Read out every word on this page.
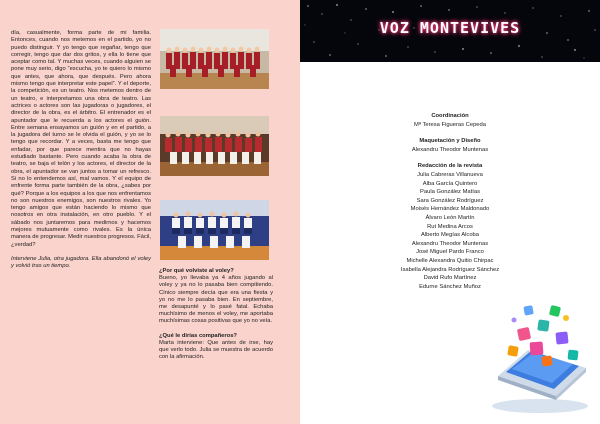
día, casualmente, forma parte de mi familia. Entonces, cuando nos metemos en el partido, yo no puedo distinguir. Y yo tengo que regañar, tengo que corregir, tengo que dar dos gritos, y ella lo tiene que aceptar como tal. Y muchas veces, cuando alguien se pone muy serio, digo “escucha, yo te quiero lo mismo que antes, que ahora, que después. Pero ahora mismo tengo que interpretar este papel”. Y el deporte, la competición, es un teatro. Nos metemos dentro de un teatro, e interpretamos una obra de teatro. Las actrices o actores son las jugadoras o jugadores, el director de la obra, es el árbitro. El entrenador es el apuntador que le recuerda a los actores el guión. Entre semana ensayamos un guión y en el partido, a la jugadora del turno se le olvida el guión, y yo se lo tengo que recordar. Y a veces, basta me tengo que enfadar, por que parece mentira que no hayas estudiado bastante. Pero cuando acaba la obra de teatro, se baja el telón y los actores, el director de la obra, el apuntador se van juntos a tomar un refresco. Si no lo entendemos así, mal vamos. Y el equipo de enfrente forma parte también de la obra, ¿sabes por qué? Porque a los equipos a los que nos enfrentamos no son nuestros enemigos, son nuestros rivales. Yo tengo amigos que están haciendo lo mismo que nosotros en otra instalación, en otro pueblo. Y el sábado nos juntaremos para medirnos y hacemos mejores mutuamente como rivales. Es la única manera de progresar. Medir nuestros progresos. Fácil, ¿verdad?

Interviene Julia, otra jugadora. Ella abandonó el voley y volvió tras un tiempo.

¿Por qué volviste al voley?

Bueno, yo llevaba ya 4 años jugando al voley y ya no lo pasaba bien compitiendo. Cínico siempre decía que era una fiesta y yo no me lo pasaba bien. En septiembre, me desapunté y lo pasé fatal. Echaba muchísimo de menos el voley, me aportaba muchísimas cosas positivas que yo no veía.

¿Qué le dirías compañeros?

Marta interviene: Que antes de irse, hay que verlo todo. Julia se muestra de acuerdo con la afirmación.

VOZ MONTEVIVES
Coordinación
Mª Teresa Figueras Cepeda
Maquetación y Diseño
Alexandru Theodor Muntenas
Redacción de la revista
Julia Cabreras Villanueva
Alba García Quintero
Paula González Matías
Sara González Rodríguez
Moisés Hernández Maldonado
Álvaro León Martín
Rut Medina Arcos
Alberto Megías Alcoba
Alexandru Theodor Muntenas
José Miguel Pardo Franco
Michelle Alexandra Quitio Chirpac
Isabella Alejandra Rodríguez Sánchez
David Rufo Martínez
Edurne Sánchez Muñoz
